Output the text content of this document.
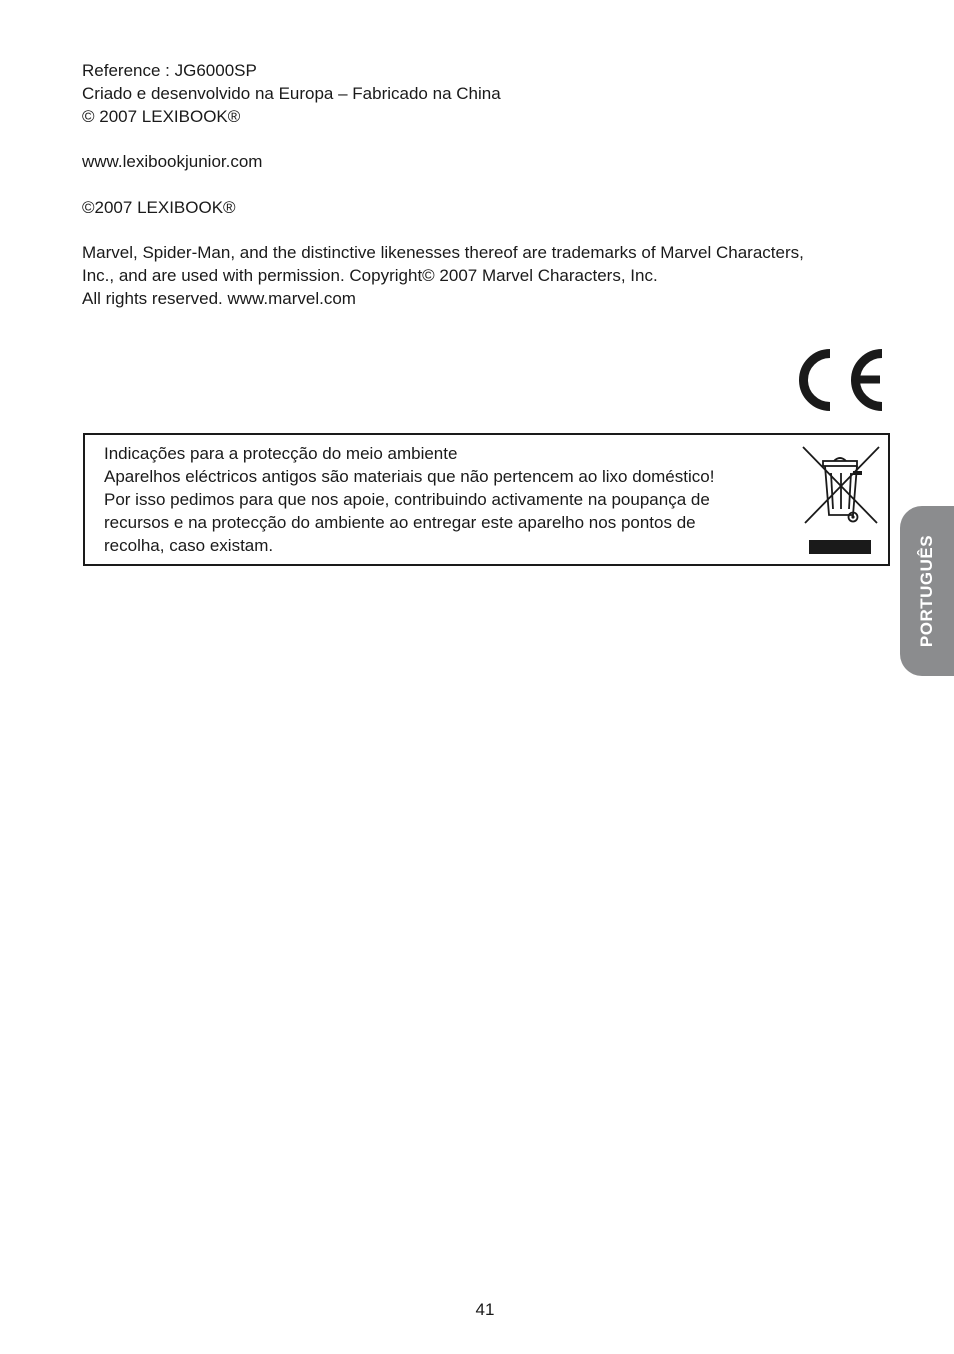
Reference : JG6000SP
Criado e desenvolvido na Europa – Fabricado na China
© 2007 LEXIBOOK®
www.lexibookjunior.com
©2007 LEXIBOOK®
Marvel, Spider-Man, and the distinctive likenesses thereof are trademarks of Marvel Characters,
Inc., and are used with permission. Copyright© 2007 Marvel Characters, Inc.
All rights reserved. www.marvel.com
Indicações para a protecção do meio ambiente
Aparelhos eléctricos antigos são materiais que não pertencem ao lixo doméstico!
Por isso pedimos para que nos apoie, contribuindo activamente na poupança de
recursos e na protecção do ambiente ao entregar este aparelho nos pontos de
recolha, caso existam.	PORTUGUÊS
41
